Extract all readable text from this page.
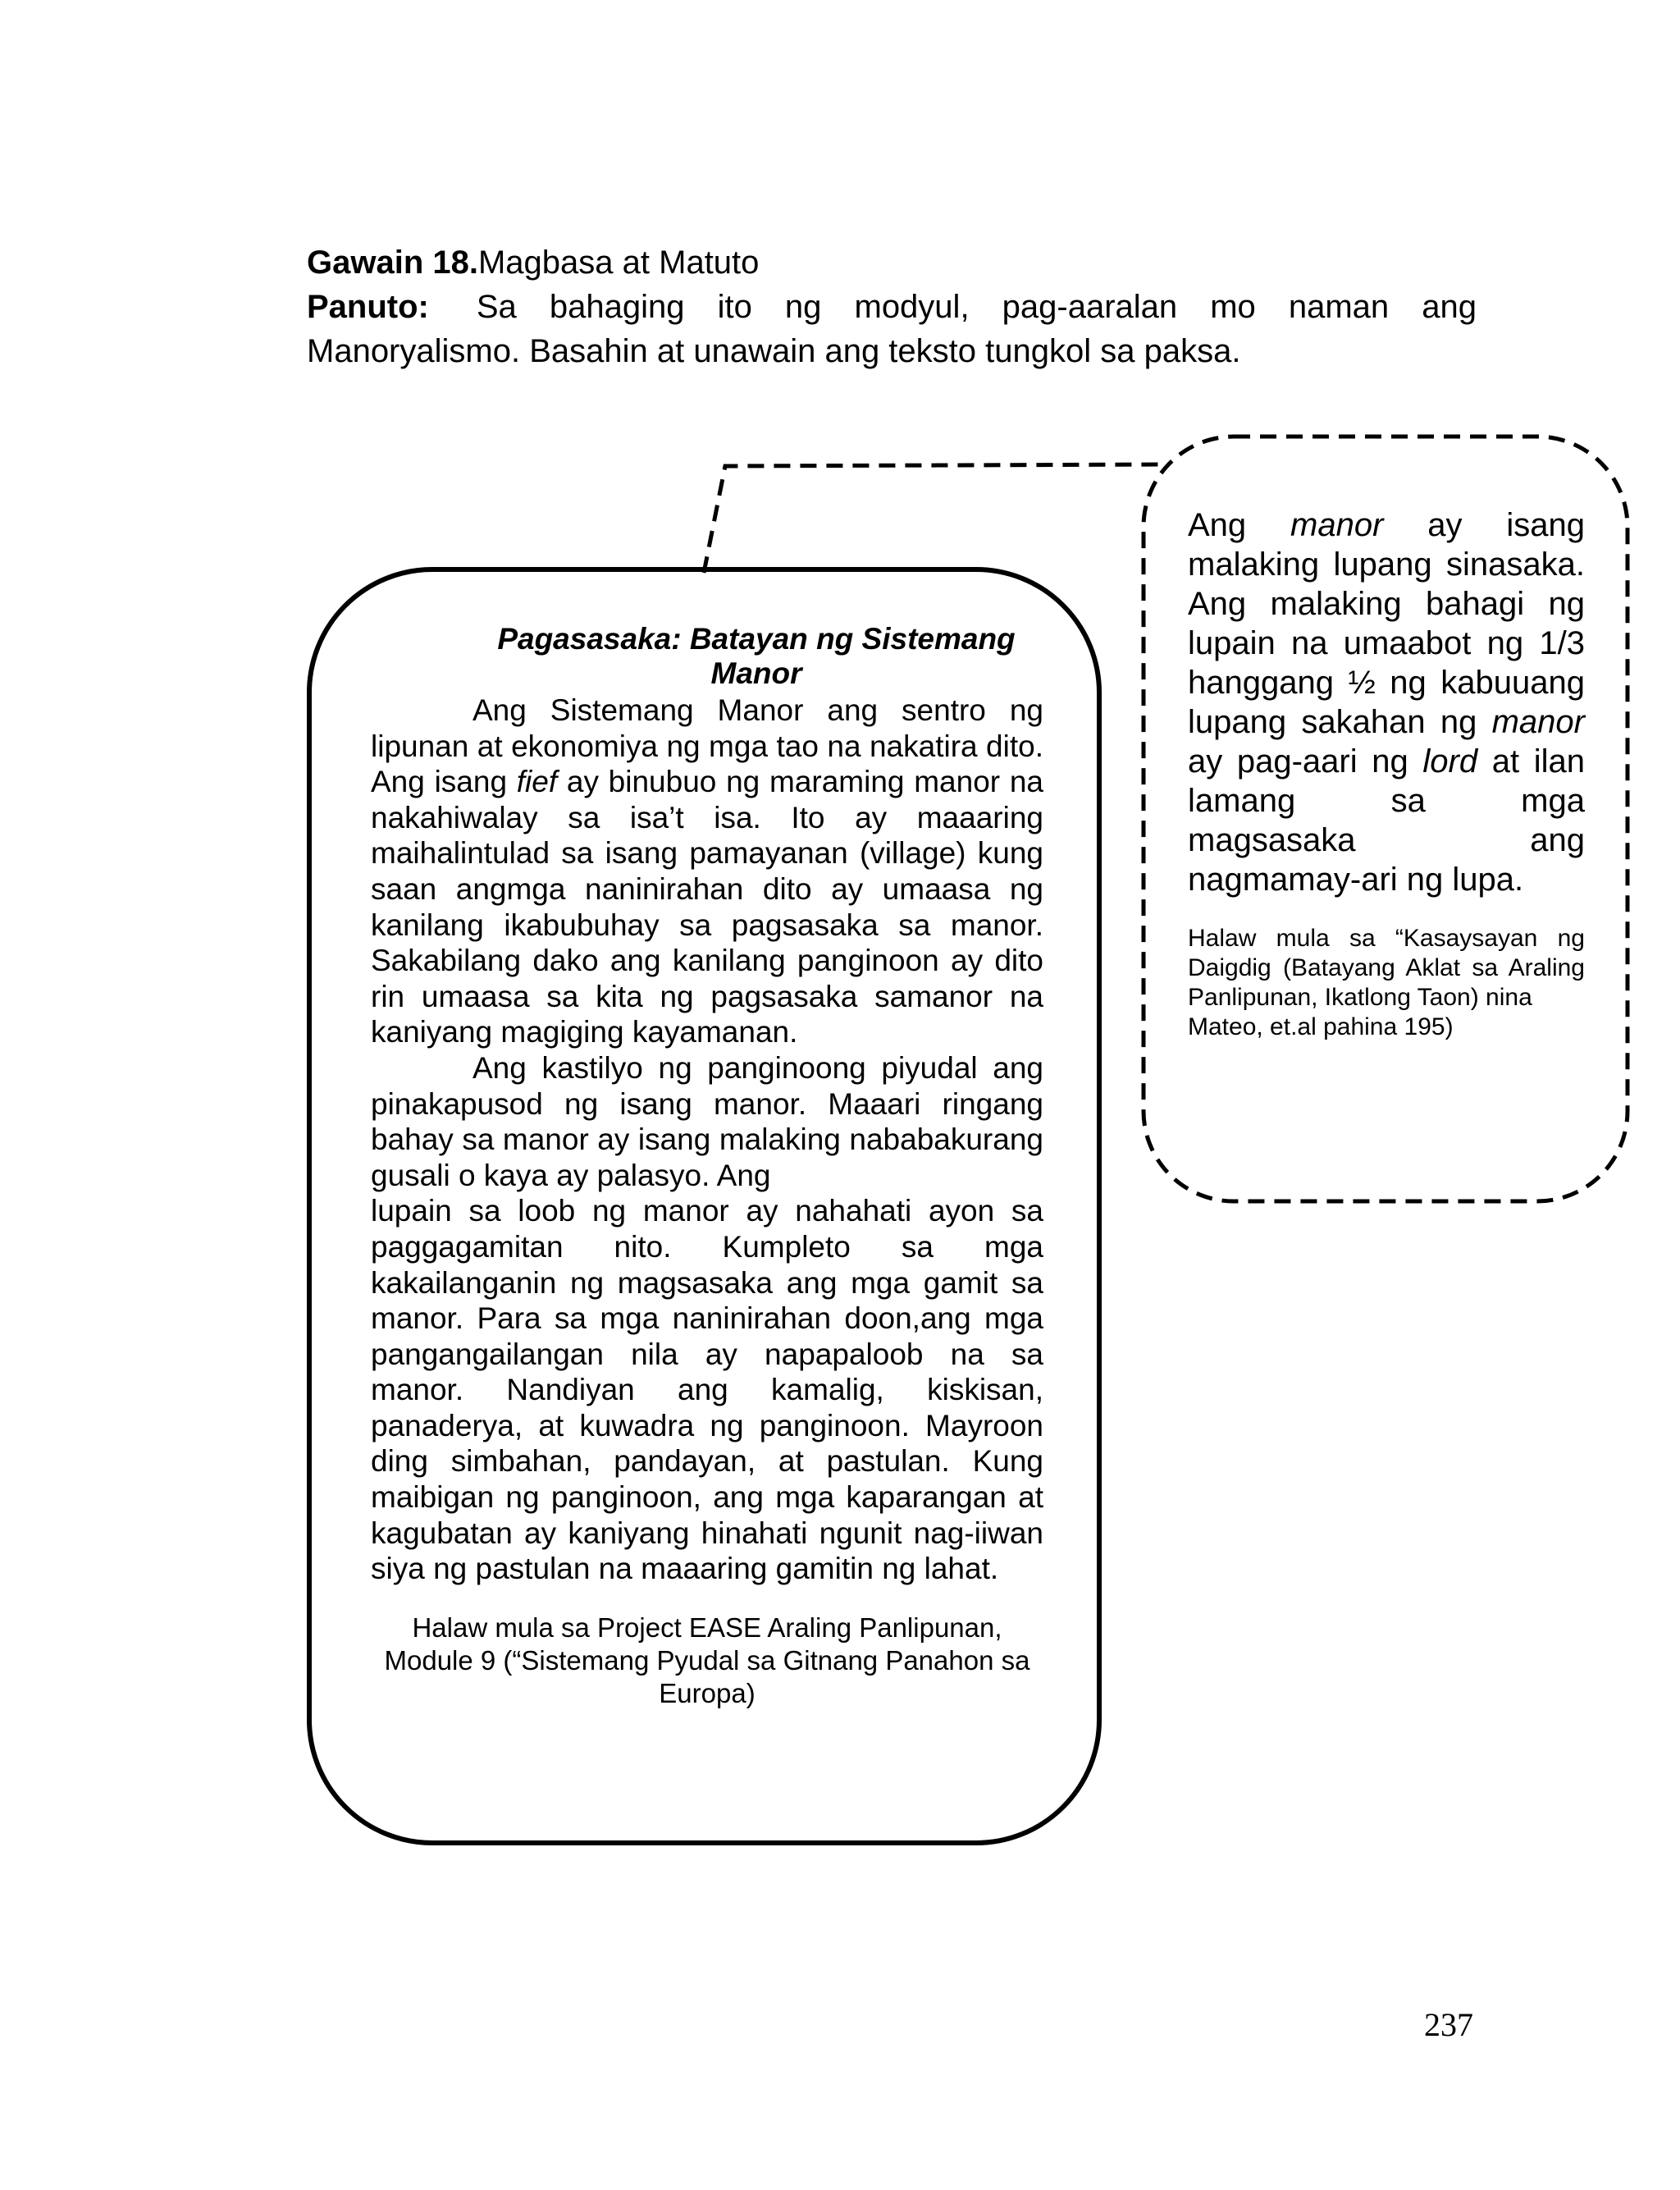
Gawain 18.Magbasa at Matuto
Panuto: Sa bahaging ito ng modyul, pag-aaralan mo naman ang Manoryalismo. Basahin at unawain ang teksto tungkol sa paksa.
Pagasasaka: Batayan ng Sistemang
Manor

Ang Sistemang Manor ang sentro ng lipunan at ekonomiya ng mga tao na nakatira dito. Ang isang fief ay binubuo ng maraming manor na nakahiwalay sa isa’t isa. Ito ay maaaring maihalintulad sa isang pamayanan (village) kung saan angmga naninirahan dito ay umaasa ng kanilang ikabubuhay sa pagsasaka sa manor. Sakabilang dako ang kanilang panginoon ay dito rin umaasa sa kita ng pagsasaka samanor na kaniyang magiging kayamanan.

Ang kastilyo ng panginoong piyudal ang pinakapusod ng isang manor. Maaari ringang bahay sa manor ay isang malaking nababakurang gusali o kaya ay palasyo. Ang

lupain sa loob ng manor ay nahahati ayon sa paggagamitan nito. Kumpleto sa mga kakailanganin ng magsasaka ang mga gamit sa manor. Para sa mga naninirahan doon,ang mga pangangailangan nila ay napapaloob na sa manor. Nandiyan ang kamalig, kiskisan, panaderya, at kuwadra ng panginoon. Mayroon ding simbahan, pandayan, at pastulan. Kung maibigan ng panginoon, ang mga kaparangan at kagubatan ay kaniyang hinahati ngunit nag-iiwan siya ng pastulan na maaaring gamitin ng lahat.

Halaw mula sa Project EASE Araling Panlipunan, Module 9 (“Sistemang Pyudal sa Gitnang Panahon sa Europa)
Ang manor ay isang malaking lupang sinasaka. Ang malaking bahagi ng lupain na umaabot ng 1/3 hanggang ½ ng kabuuang lupang sakahan ng manor ay pag-aari ng lord at ilan lamang sa mga magsasaka ang
nagmamay-ari ng lupa.
Halaw mula sa “Kasaysayan ng Daigdig (Batayang Aklat sa Araling Panlipunan, Ikatlong Taon) nina
Mateo, et.al pahina 195)
237
